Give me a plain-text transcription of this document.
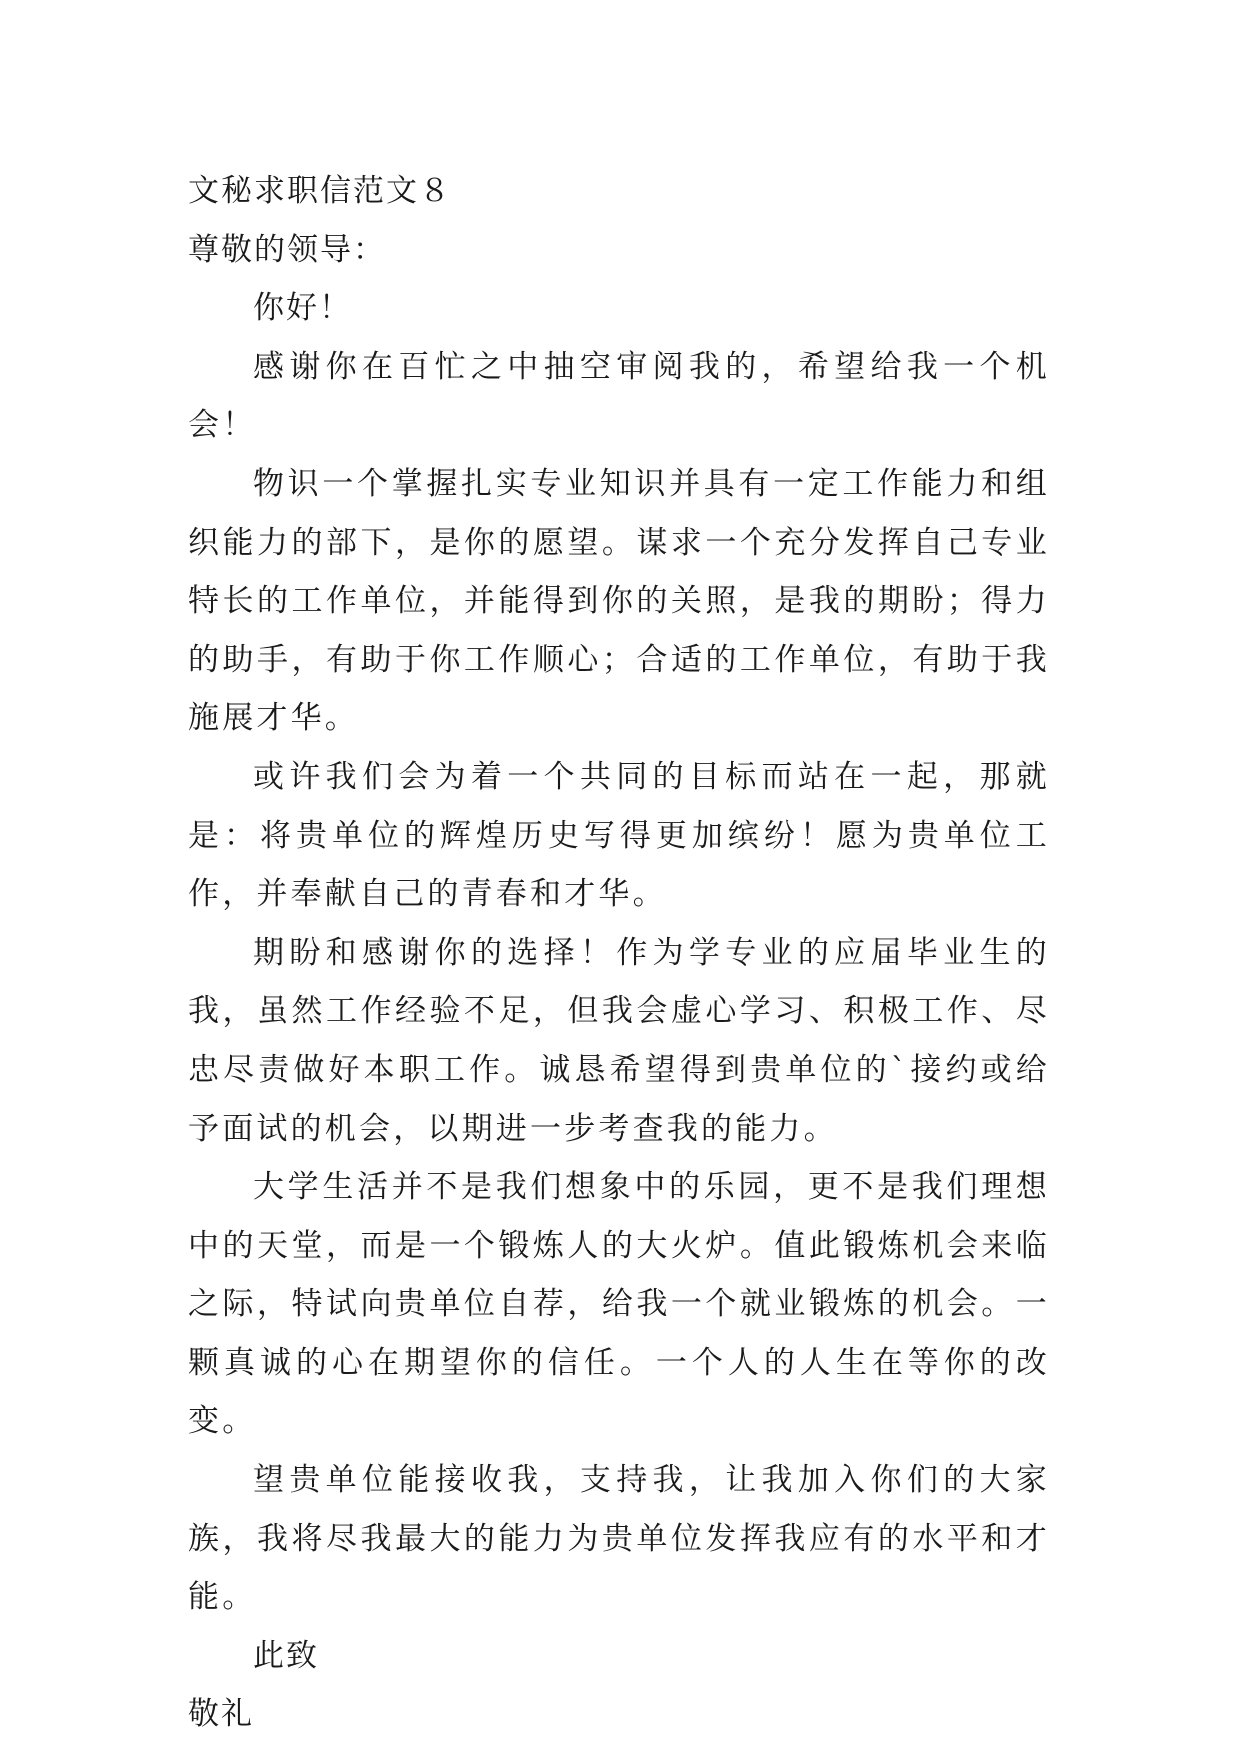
文秘求职信范文８

尊敬的领导：

你好！

感谢你在百忙之中抽空审阅我的，希望给我一个机会！

物识一个掌握扎实专业知识并具有一定工作能力和组织能力的部下，是你的愿望。谋求一个充分发挥自己专业特长的工作单位，并能得到你的关照，是我的期盼；得力的助手，有助于你工作顺心；合适的工作单位，有助于我施展才华。

或许我们会为着一个共同的目标而站在一起，那就是：将贵单位的辉煌历史写得更加缤纷！愿为贵单位工作，并奉献自己的青春和才华。

期盼和感谢你的选择！作为学专业的应届毕业生的我，虽然工作经验不足，但我会虚心学习、积极工作、尽忠尽责做好本职工作。诚恳希望得到贵单位的`接约或给予面试的机会，以期进一步考查我的能力。

大学生活并不是我们想象中的乐园，更不是我们理想中的天堂，而是一个锻炼人的大火炉。值此锻炼机会来临之际，特试向贵单位自荐，给我一个就业锻炼的机会。一颗真诚的心在期望你的信任。一个人的人生在等你的改变。

望贵单位能接收我，支持我，让我加入你们的大家族，我将尽我最大的能力为贵单位发挥我应有的水平和才能。

此致

敬礼
